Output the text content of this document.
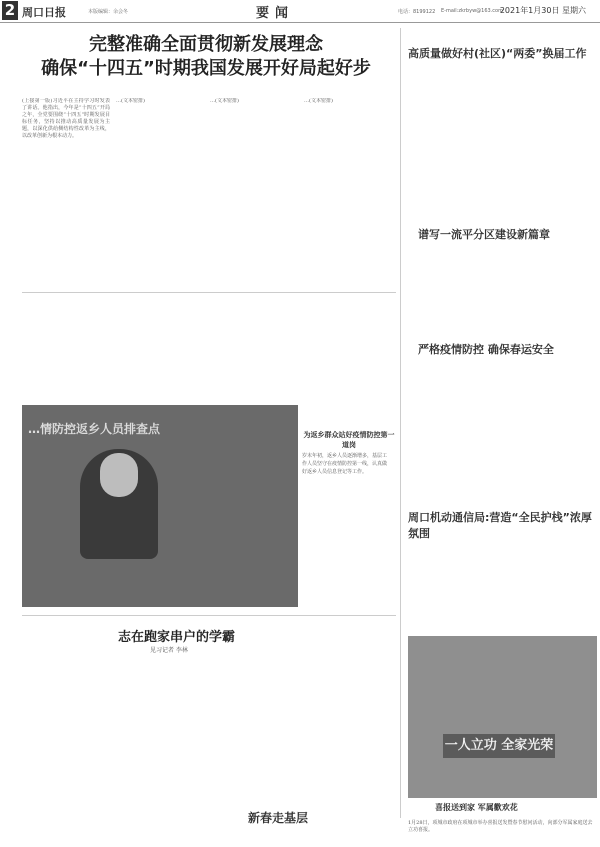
2 周口日报	本版编辑：余会冬	要闻	电话：8199122 E-mail:zkrbyw@163.com
2021年1月30日 星期六
完整准确全面贯彻新发展理念
确保“十四五”时期我国发展开好局起好步
(上接第一版)习近平在主持学习时发表了讲话。他指出，今年是“十四五”开局之年，全党要围绕“十四五”时期发展目标任务，坚持以推动高质量发展为主题，以深化供给侧结构性改革为主线，以改革创新为根本动力。
…(文本密排)	…(文本密排)	…(文本密排)
高质量做好村(社区)“两委”换届工作
谱写一流平分区建设新篇章
严格疫情防控 确保春运安全
周口机动通信局:营造“全民护栈”浓厚氛围
…情防控返乡人员排查点	为返乡群众站好疫情防控第一道岗
岁末年初，返乡人员逐渐增多，基层工作人员坚守在疫情防控第一线，认真做好返乡人员信息登记等工作。
志在跑家串户的学霸
见习记者 李林
新春走基层
一人立功 全家光荣
喜报送到家 军属歡欢花
1月28日，项城市政府在项城市举办喜报送发暨春节慰问活动，向部分军属家庭送去立功喜报。
